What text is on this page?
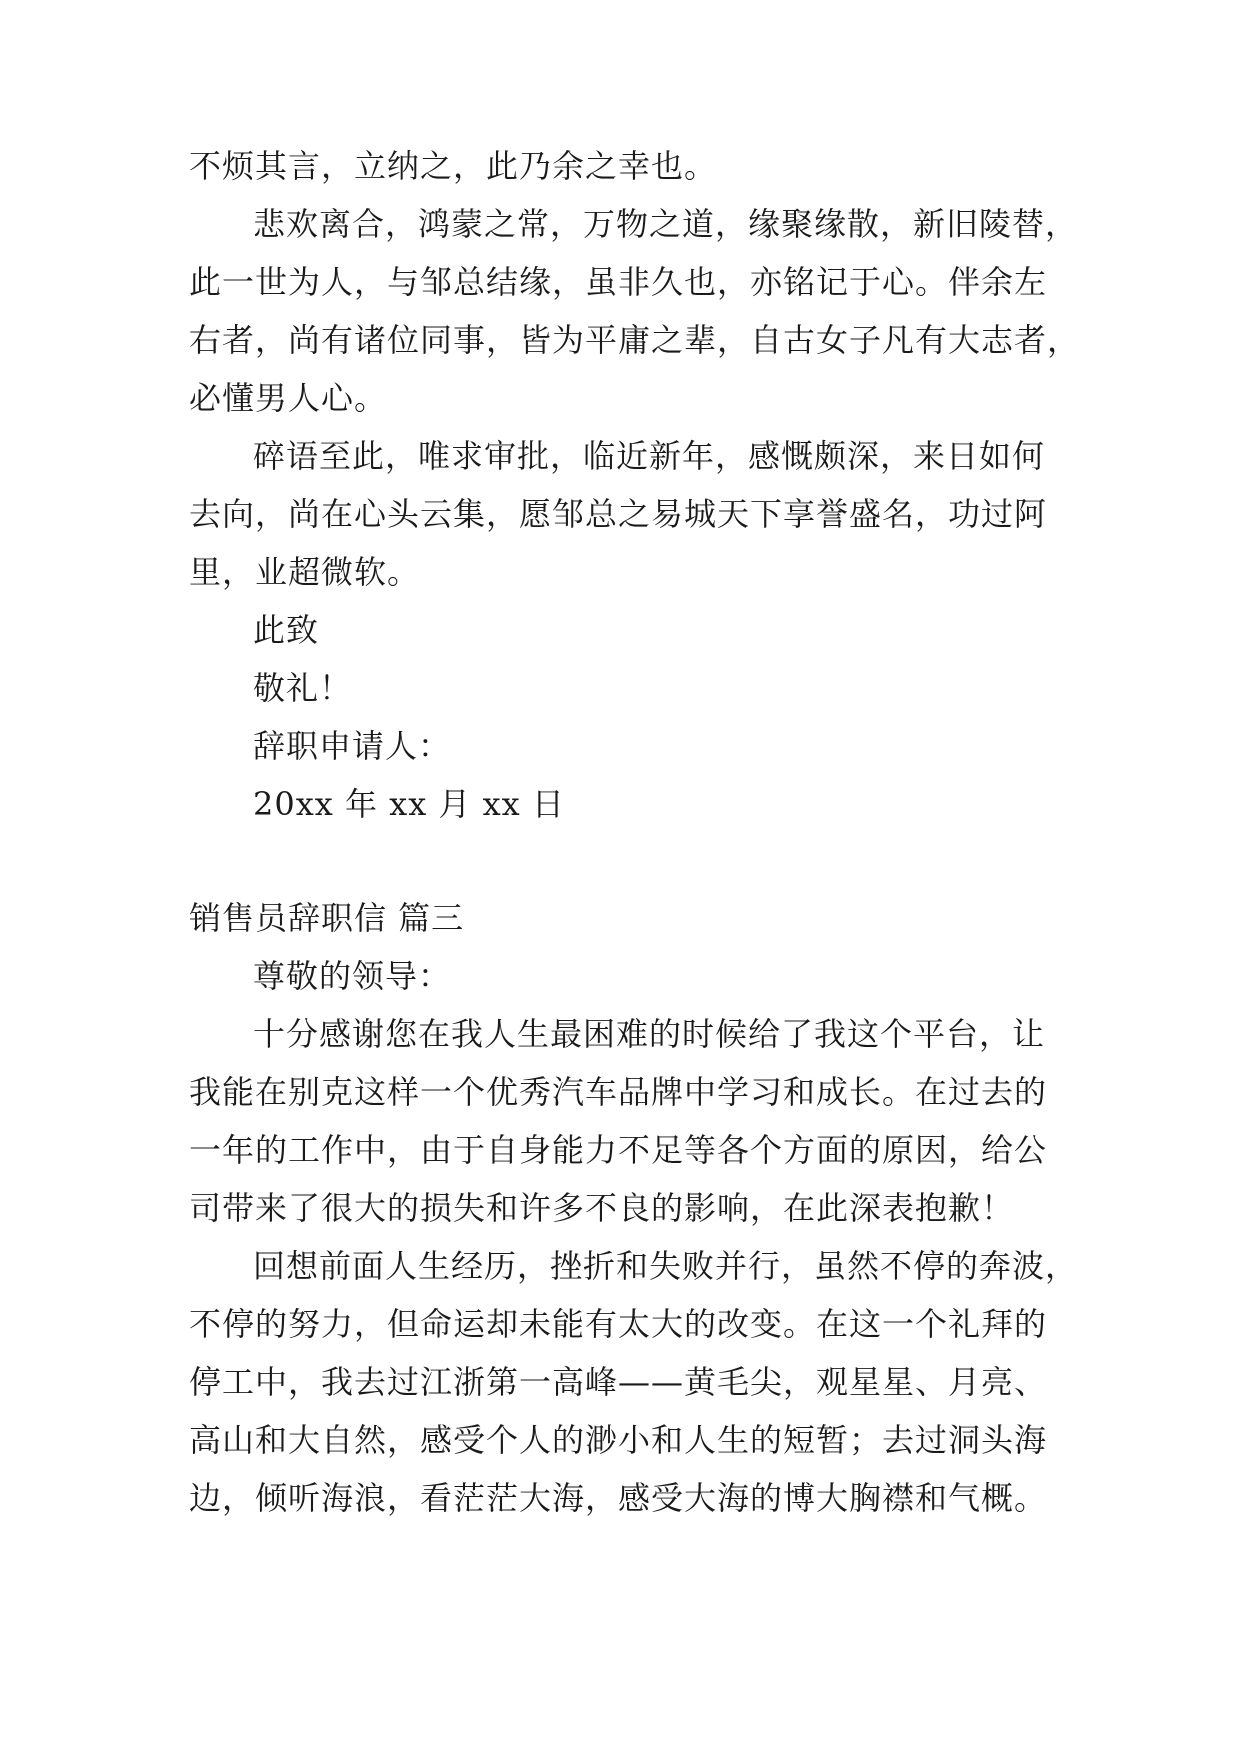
不烦其言，立纳之，此乃余之幸也。
悲欢离合，鸿蒙之常，万物之道，缘聚缘散，新旧陵替，
此一世为人，与邹总结缘，虽非久也，亦铭记于心。伴余左
右者，尚有诸位同事，皆为平庸之辈，自古女子凡有大志者，
必懂男人心。
碎语至此，唯求审批，临近新年，感慨颇深，来日如何
去向，尚在心头云集，愿邹总之易城天下享誉盛名，功过阿
里，业超微软。
此致
敬礼！
辞职申请人：
20xx 年 xx 月 xx 日
销售员辞职信 篇三
尊敬的领导：
十分感谢您在我人生最困难的时候给了我这个平台，让
我能在别克这样一个优秀汽车品牌中学习和成长。在过去的
一年的工作中，由于自身能力不足等各个方面的原因，给公
司带来了很大的损失和许多不良的影响，在此深表抱歉！
回想前面人生经历，挫折和失败并行，虽然不停的奔波，
不停的努力，但命运却未能有太大的改变。在这一个礼拜的
停工中，我去过江浙第一高峰——黄毛尖，观星星、月亮、
高山和大自然，感受个人的渺小和人生的短暂；去过洞头海
边，倾听海浪，看茫茫大海，感受大海的博大胸襟和气概。
